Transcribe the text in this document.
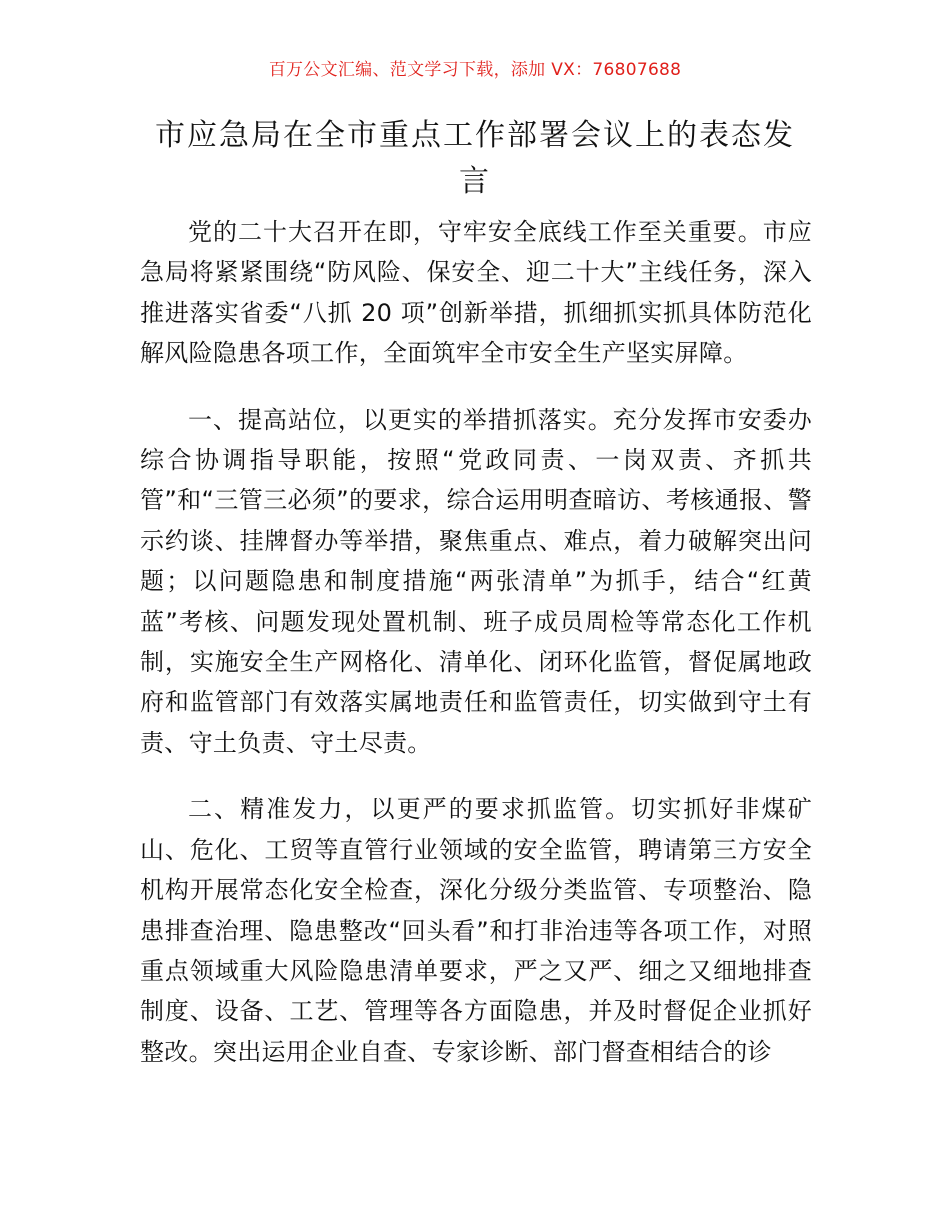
百万公文汇编、范文学习下载，添加 VX：76807688
市应急局在全市重点工作部署会议上的表态发言

党的二十大召开在即，守牢安全底线工作至关重要。市应急局将紧紧围绕“防风险、保安全、迎二十大”主线任务，深入推进落实省委“八抓 20 项”创新举措，抓细抓实抓具体防范化解风险隐患各项工作，全面筑牢全市安全生产坚实屏障。

一、提高站位，以更实的举措抓落实。充分发挥市安委办综合协调指导职能，按照“党政同责、一岗双责、齐抓共管”和“三管三必须”的要求，综合运用明查暗访、考核通报、警示约谈、挂牌督办等举措，聚焦重点、难点，着力破解突出问题；以问题隐患和制度措施“两张清单”为抓手，结合“红黄蓝”考核、问题发现处置机制、班子成员周检等常态化工作机制，实施安全生产网格化、清单化、闭环化监管，督促属地政府和监管部门有效落实属地责任和监管责任，切实做到守土有责、守土负责、守土尽责。

二、精准发力，以更严的要求抓监管。切实抓好非煤矿山、危化、工贸等直管行业领域的安全监管，聘请第三方安全机构开展常态化安全检查，深化分级分类监管、专项整治、隐患排查治理、隐患整改“回头看”和打非治违等各项工作，对照重点领域重大风险隐患清单要求，严之又严、细之又细地排查制度、设备、工艺、管理等各方面隐患，并及时督促企业抓好整改。突出运用企业自查、专家诊断、部门督查相结合的诊
